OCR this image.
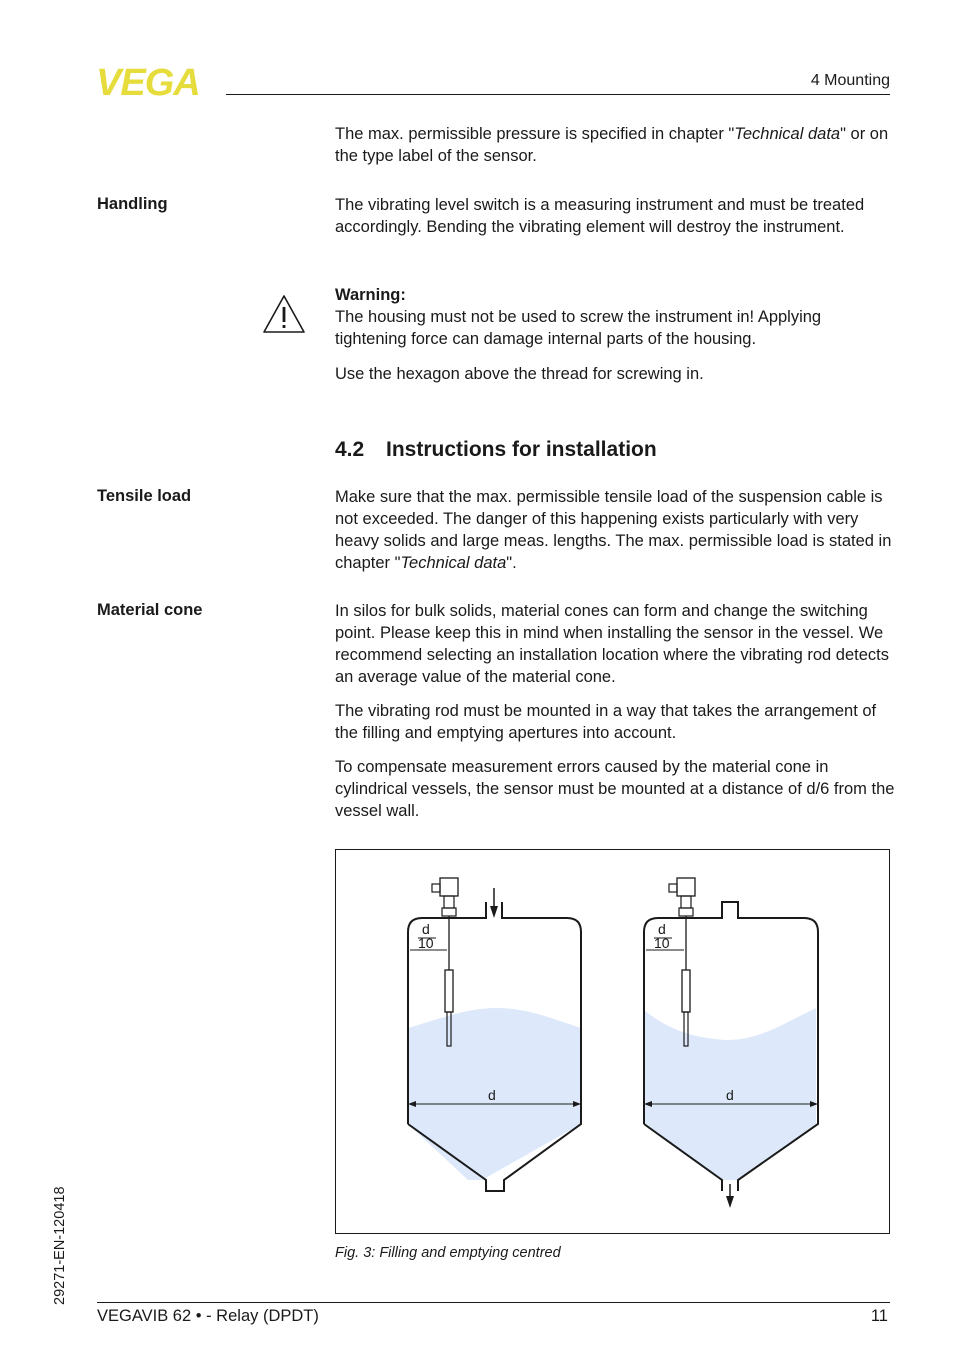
VEGA	4 Mounting

The max. permissible pressure is specified in chapter "Technical data" or on the type label of the sensor.

Handling	The vibrating level switch is a measuring instrument and must be treated accordingly. Bending the vibrating element will destroy the instrument.

Warning:
The housing must not be used to screw the instrument in! Applying tightening force can damage internal parts of the housing.

Use the hexagon above the thread for screwing in.

4.2 Instructions for installation
Tensile load	Make sure that the max. permissible tensile load of the suspension cable is not exceeded. The danger of this happening exists particularly with very heavy solids and large meas. lengths. The max. permissible load is stated in chapter "Technical data".

Material cone	In silos for bulk solids, material cones can form and change the switching point. Please keep this in mind when installing the sensor in the vessel. We recommend selecting an installation location where the vibrating rod detects an average value of the material cone.

The vibrating rod must be mounted in a way that takes the arrangement of the filling and emptying apertures into account.

To compensate measurement errors caused by the material cone in cylindrical vessels, the sensor must be mounted at a distance of d/6 from the vessel wall.

d
10
d
d
10
d
Fig. 3: Filling and emptying centred
29271-EN-120418
VEGAVIB 62 • - Relay (DPDT)	11
